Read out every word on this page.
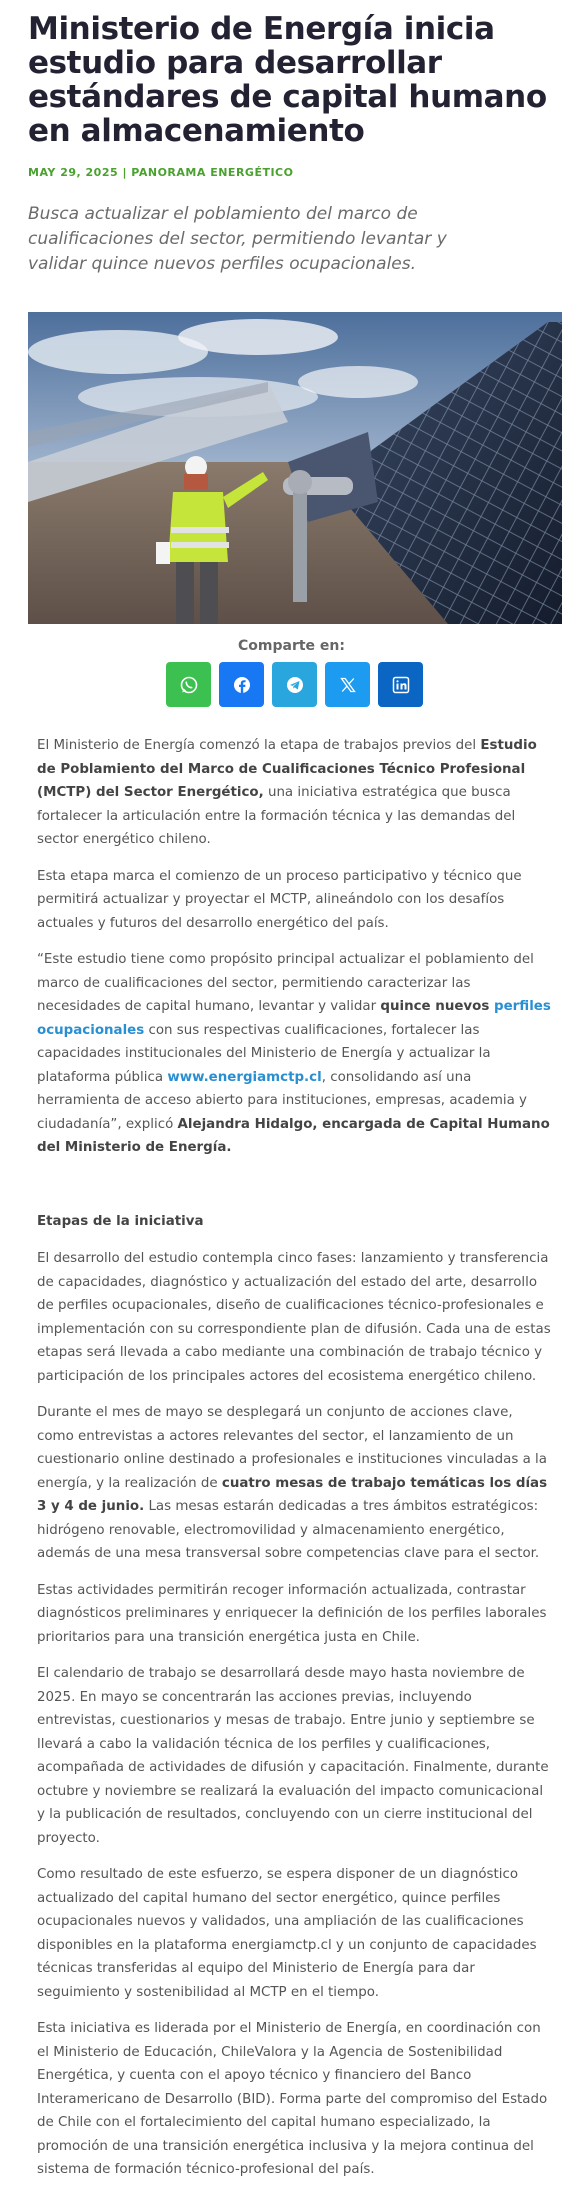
Ministerio de Energía inicia estudio para desarrollar estándares de capital humano en almacenamiento
MAY 29, 2025 | PANORAMA ENERGÉTICO
Busca actualizar el poblamiento del marco de cualificaciones del sector, permitiendo levantar y validar quince nuevos perfiles ocupacionales.
Comparte en:

El Ministerio de Energía comenzó la etapa de trabajos previos del Estudio de Poblamiento del Marco de Cualificaciones Técnico Profesional (MCTP) del Sector Energético, una iniciativa estratégica que busca fortalecer la articulación entre la formación técnica y las demandas del sector energético chileno.

Esta etapa marca el comienzo de un proceso participativo y técnico que permitirá actualizar y proyectar el MCTP, alineándolo con los desafíos actuales y futuros del desarrollo energético del país.

“Este estudio tiene como propósito principal actualizar el poblamiento del marco de cualificaciones del sector, permitiendo caracterizar las necesidades de capital humano, levantar y validar quince nuevos perfiles ocupacionales con sus respectivas cualificaciones, fortalecer las capacidades institucionales del Ministerio de Energía y actualizar la plataforma pública www.energiamctp.cl, consolidando así una herramienta de acceso abierto para instituciones, empresas, academia y ciudadanía”, explicó Alejandra Hidalgo, encargada de Capital Humano del Ministerio de Energía.

Etapas de la iniciativa

El desarrollo del estudio contempla cinco fases: lanzamiento y transferencia de capacidades, diagnóstico y actualización del estado del arte, desarrollo de perfiles ocupacionales, diseño de cualificaciones técnico-profesionales e implementación con su correspondiente plan de difusión. Cada una de estas etapas será llevada a cabo mediante una combinación de trabajo técnico y participación de los principales actores del ecosistema energético chileno.

Durante el mes de mayo se desplegará un conjunto de acciones clave, como entrevistas a actores relevantes del sector, el lanzamiento de un cuestionario online destinado a profesionales e instituciones vinculadas a la energía, y la realización de cuatro mesas de trabajo temáticas los días 3 y 4 de junio. Las mesas estarán dedicadas a tres ámbitos estratégicos: hidrógeno renovable, electromovilidad y almacenamiento energético, además de una mesa transversal sobre competencias clave para el sector.

Estas actividades permitirán recoger información actualizada, contrastar diagnósticos preliminares y enriquecer la definición de los perfiles laborales prioritarios para una transición energética justa en Chile.

El calendario de trabajo se desarrollará desde mayo hasta noviembre de 2025. En mayo se concentrarán las acciones previas, incluyendo entrevistas, cuestionarios y mesas de trabajo. Entre junio y septiembre se llevará a cabo la validación técnica de los perfiles y cualificaciones, acompañada de actividades de difusión y capacitación. Finalmente, durante octubre y noviembre se realizará la evaluación del impacto comunicacional y la publicación de resultados, concluyendo con un cierre institucional del proyecto.

Como resultado de este esfuerzo, se espera disponer de un diagnóstico actualizado del capital humano del sector energético, quince perfiles ocupacionales nuevos y validados, una ampliación de las cualificaciones disponibles en la plataforma energiamctp.cl y un conjunto de capacidades técnicas transferidas al equipo del Ministerio de Energía para dar seguimiento y sostenibilidad al MCTP en el tiempo.

Esta iniciativa es liderada por el Ministerio de Energía, en coordinación con el Ministerio de Educación, ChileValora y la Agencia de Sostenibilidad Energética, y cuenta con el apoyo técnico y financiero del Banco Interamericano de Desarrollo (BID). Forma parte del compromiso del Estado de Chile con el fortalecimiento del capital humano especializado, la promoción de una transición energética inclusiva y la mejora continua del sistema de formación técnico-profesional del país.
